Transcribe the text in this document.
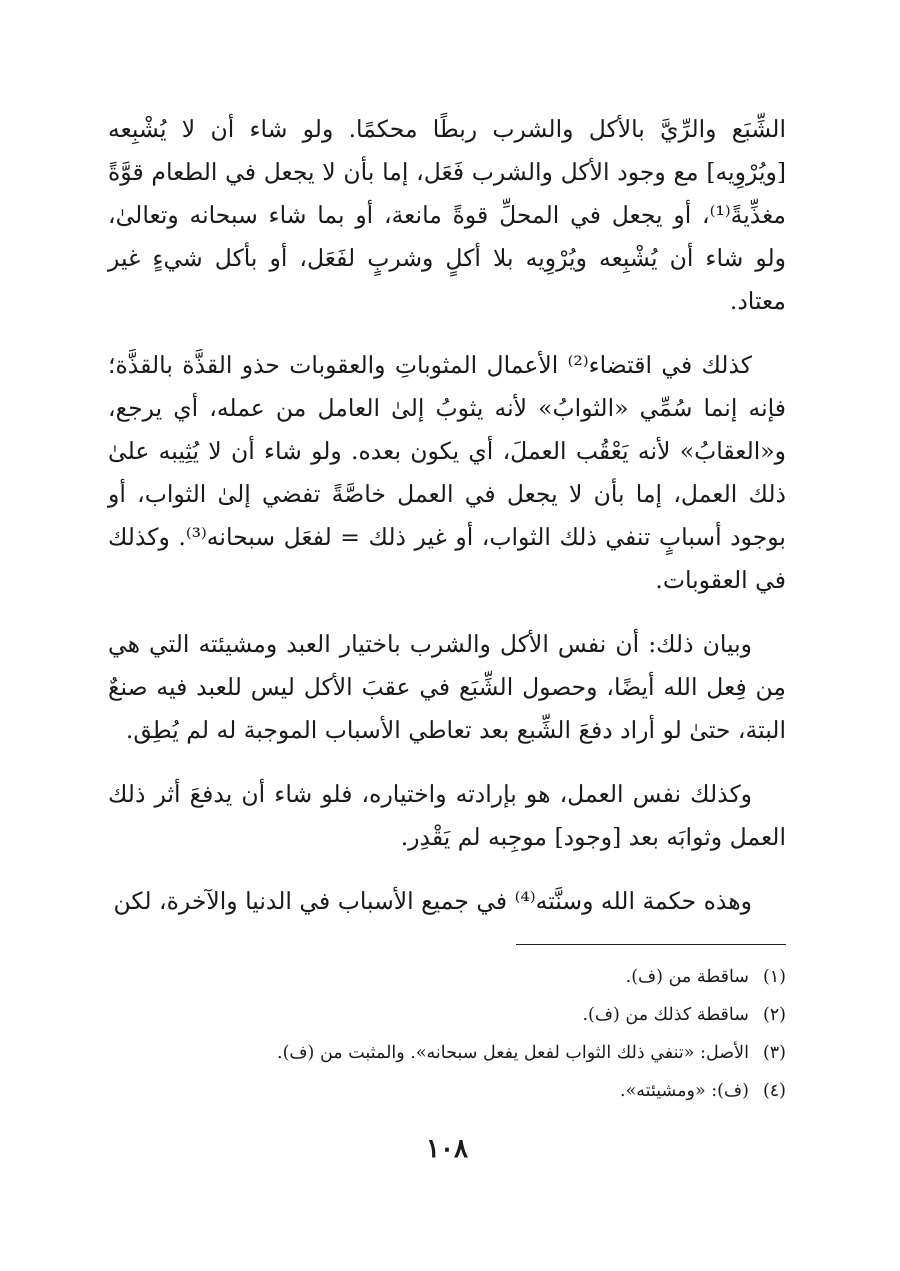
الشِّبَع والرِّيَّ بالأكل والشرب ربطًا محكمًا. ولو شاء أن لا يُشْبِعه [ويُرْوِيه] مع وجود الأكل والشرب فَعَل، إما بأن لا يجعل في الطعام قوَّةً مغذِّيةً⁽¹⁾، أو يجعل في المحلِّ قوةً مانعة، أو بما شاء سبحانه وتعالىٰ، ولو شاء أن يُشْبِعه ويُرْوِيه بلا أكلٍ وشربٍ لفَعَل، أو بأكل شيءٍ غير معتاد.

كذلك في اقتضاء⁽²⁾ الأعمال المثوباتِ والعقوبات حذو القذَّة بالقذَّة؛ فإنه إنما سُمِّي «الثوابُ» لأنه يثوبُ إلىٰ العامل من عمله، أي يرجع، و«العقابُ» لأنه يَعْقُب العملَ، أي يكون بعده. ولو شاء أن لا يُثِيبه علىٰ ذلك العمل، إما بأن لا يجعل في العمل خاصَّةً تفضي إلىٰ الثواب، أو بوجود أسبابٍ تنفي ذلك الثواب، أو غير ذلك = لفعَل سبحانه⁽³⁾. وكذلك في العقوبات.

وبيان ذلك: أن نفس الأكل والشرب باختيار العبد ومشيئته التي هي مِن فِعل الله أيضًا، وحصول الشِّبَع في عقبَ الأكل ليس للعبد فيه صنعٌ البتة، حتىٰ لو أراد دفعَ الشِّبع بعد تعاطي الأسباب الموجبة له لم يُطِق.

وكذلك نفس العمل، هو بإرادته واختياره، فلو شاء أن يدفعَ أثر ذلك العمل وثوابَه بعد [وجود] موجِبه لم يَقْدِر.

وهذه حكمة الله وسنَّته⁽⁴⁾ في جميع الأسباب في الدنيا والآخرة، لكن

(١)ساقطة من (ف).
(٢)ساقطة كذلك من (ف).
(٣)الأصل: «تنفي ذلك الثواب لفعل يفعل سبحانه». والمثبت من (ف).
(٤)(ف): «ومشيئته».
١٠٨
